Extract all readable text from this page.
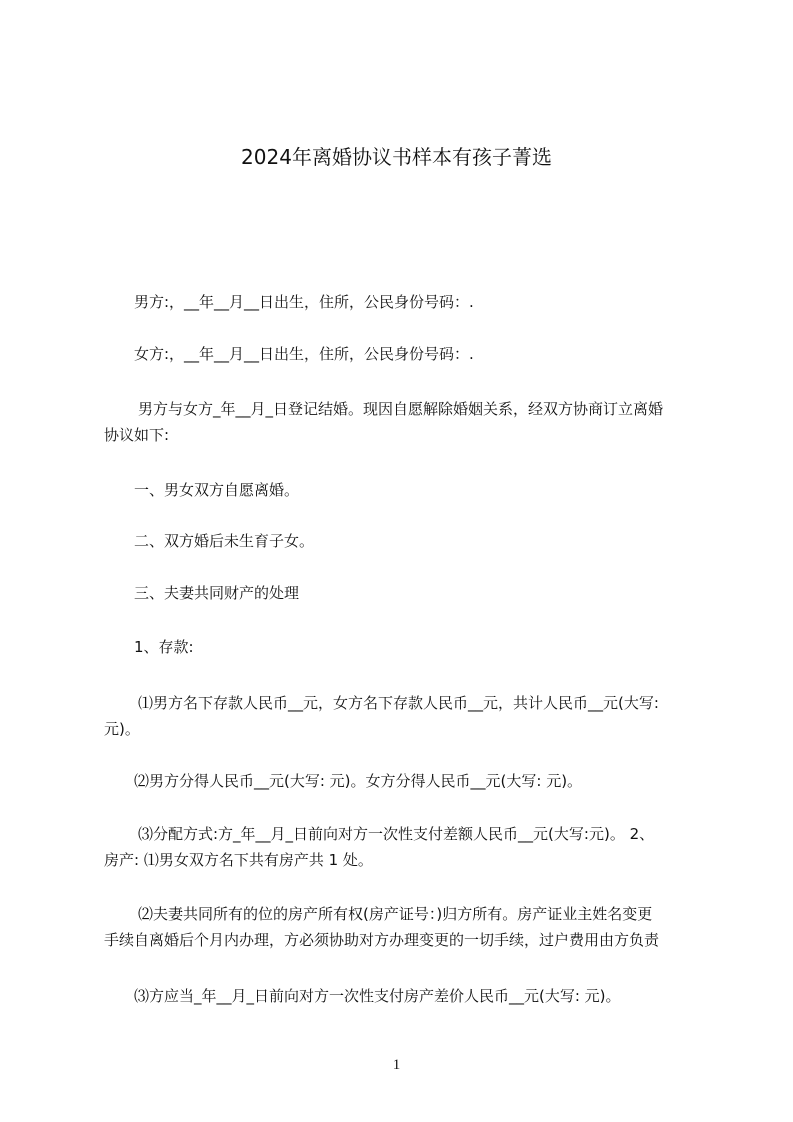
2024年离婚协议书样本有孩子菁选
男方:，__年__月__日出生，住所，公民身份号码：.
女方:，__年__月__日出生，住所，公民身份号码：.
男方与女方_年__月_日登记结婚。现因自愿解除婚姻关系，经双方协商订立离婚
协议如下:
一、男女双方自愿离婚。
二、双方婚后未生育子女。
三、夫妻共同财产的处理
1、存款:
⑴男方名下存款人民币__元，女方名下存款人民币__元，共计人民币__元(大写:
元)。
⑵男方分得人民币__元(大写: 元)。女方分得人民币__元(大写: 元)。
⑶分配方式:方_年__月_日前向对方一次性支付差额人民币__元(大写:元)。 2、
房产: ⑴男女双方名下共有房产共 1 处。
⑵夫妻共同所有的位的房产所有权(房产证号：)归方所有。房产证业主姓名变更
手续自离婚后个月内办理，方必须协助对方办理变更的一切手续，过户费用由方负责
⑶方应当_年__月_日前向对方一次性支付房产差价人民币__元(大写: 元)。
1
